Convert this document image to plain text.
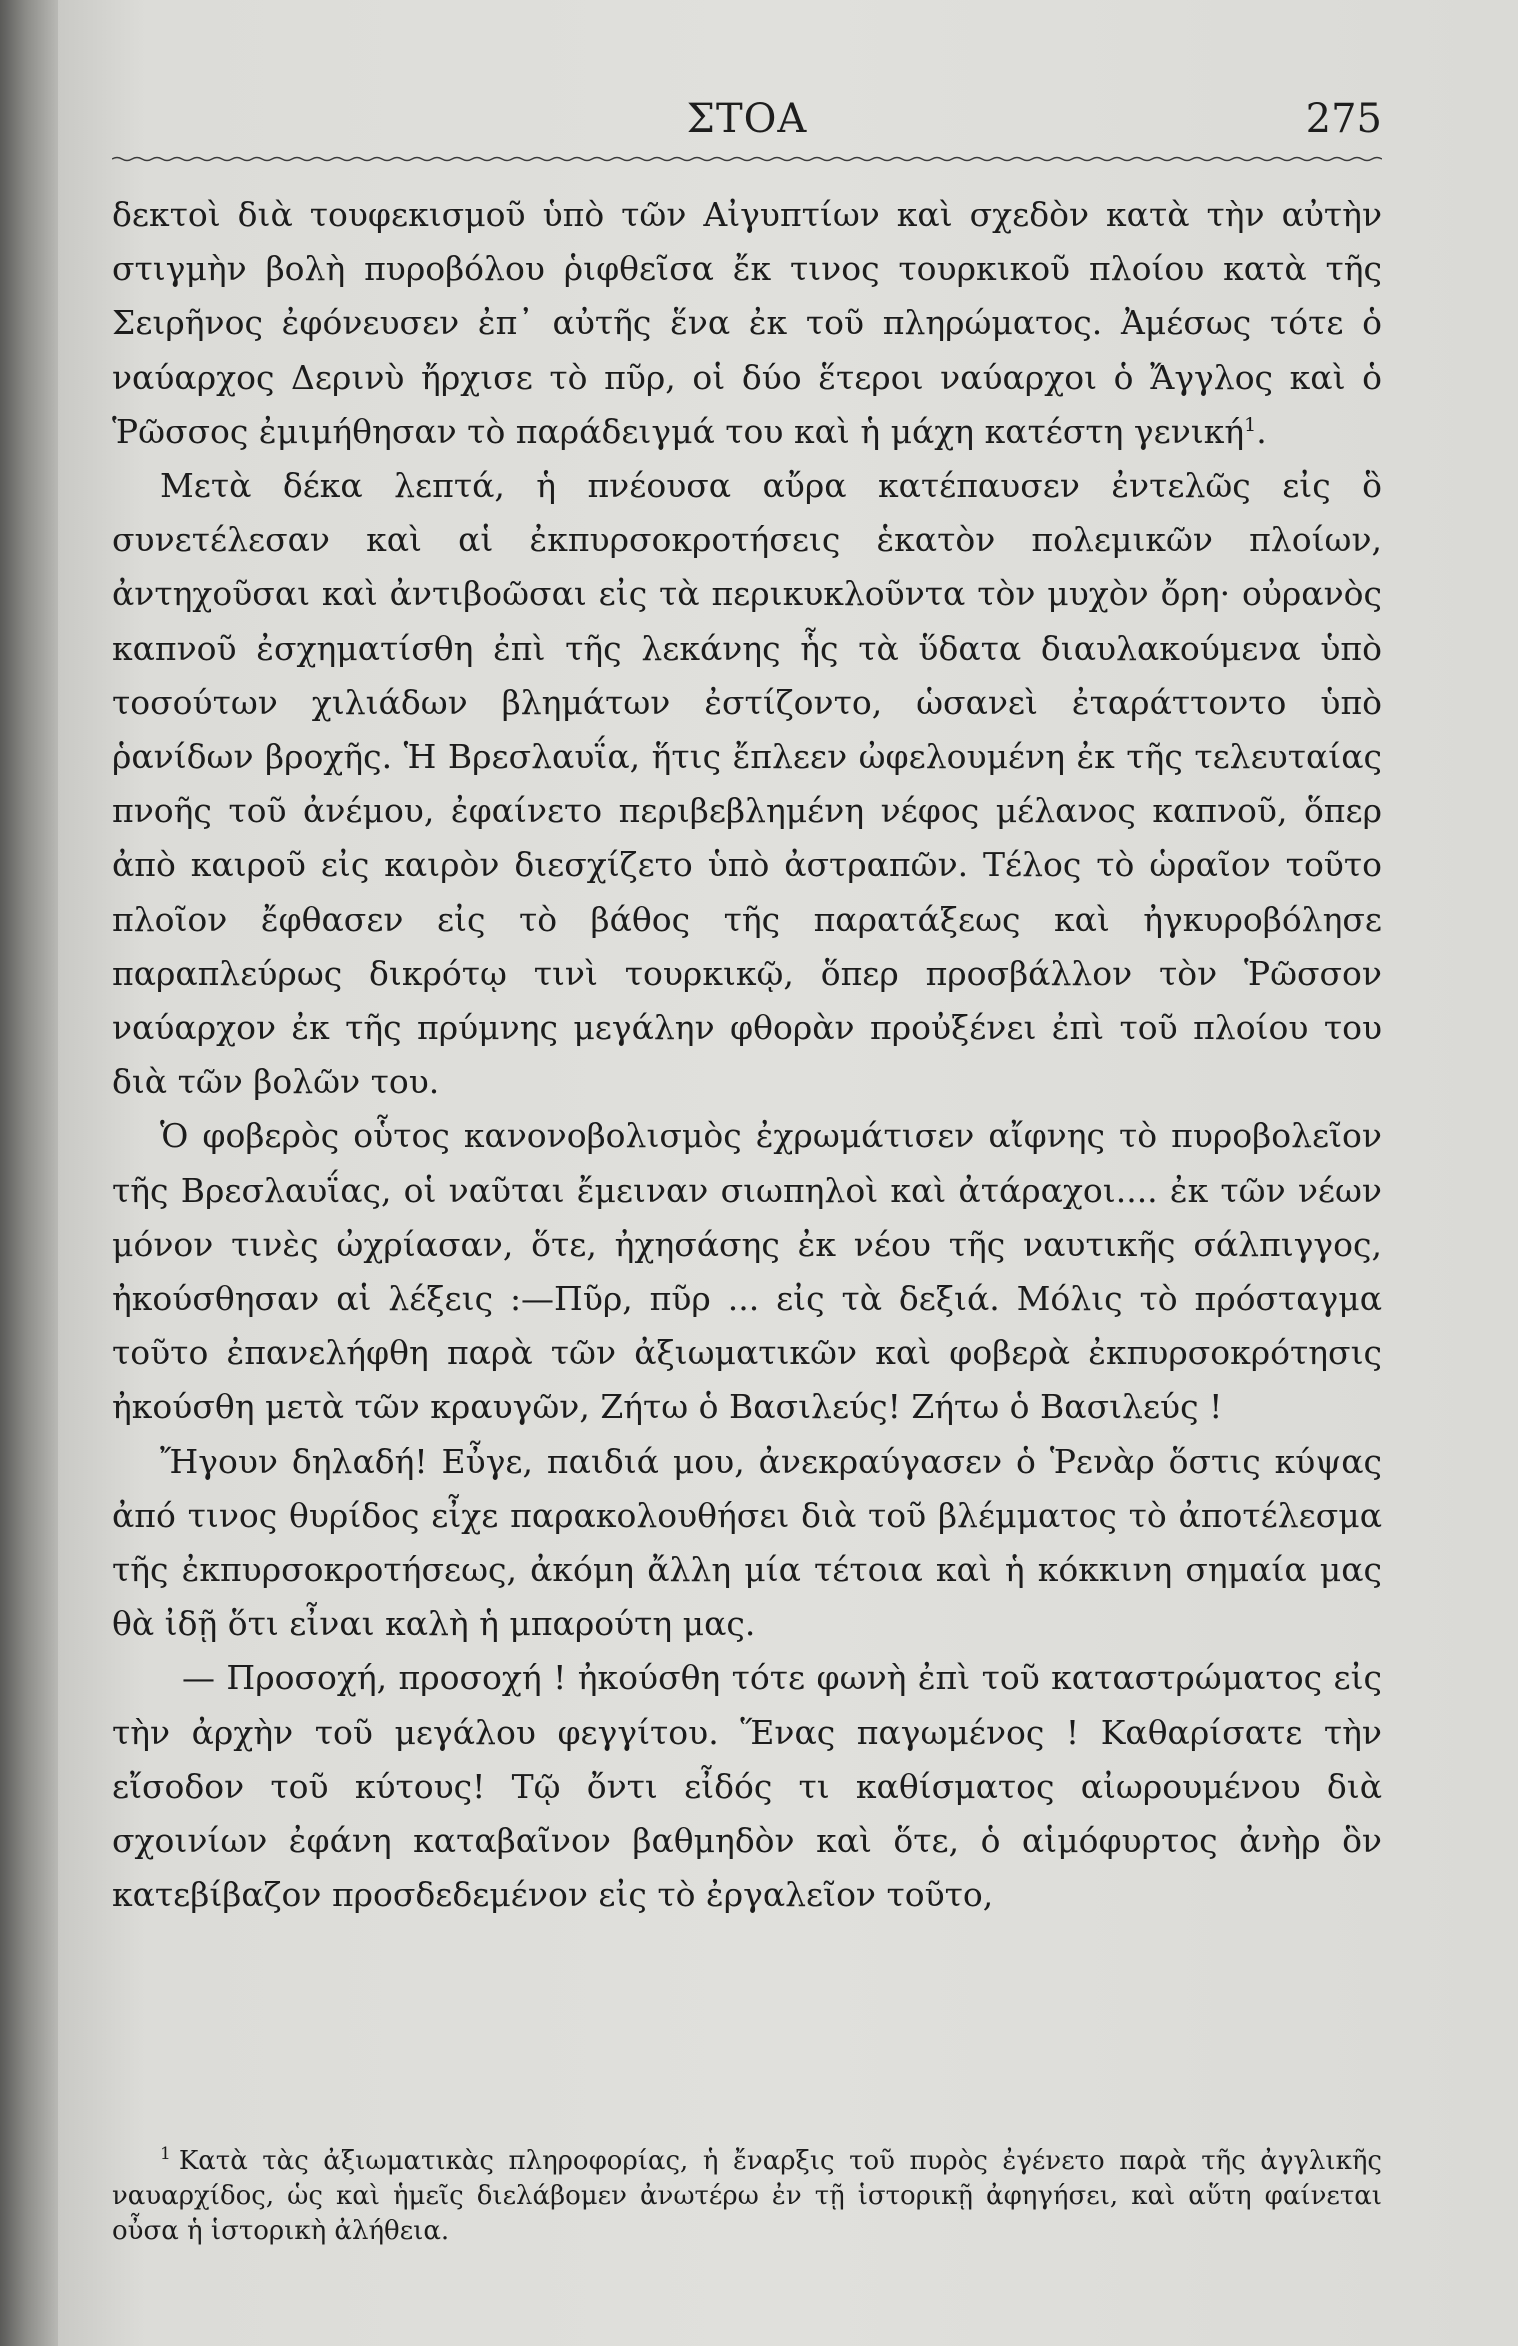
ΣΤΟΑ	275

δεκτοὶ διὰ τουφεκισμοῦ ὑπὸ τῶν Αἰγυπτίων καὶ σχεδὸν κατὰ τὴν αὐτὴν στιγμὴν βολὴ πυροβόλου ῥιφθεῖσα ἔκ τινος τουρκικοῦ πλοίου κατὰ τῆς Σειρῆνος ἐφόνευσεν ἐπ᾽ αὐτῆς ἕνα ἐκ τοῦ πληρώματος. Ἀμέσως τότε ὁ ναύαρχος Δερινὺ ἤρχισε τὸ πῦρ, οἱ δύο ἕτεροι ναύαρχοι ὁ Ἄγγλος καὶ ὁ Ῥῶσσος ἐμιμήθησαν τὸ παράδειγμά του καὶ ἡ μάχη κατέστη γενική$^1$.

Μετὰ δέκα λεπτά, ἡ πνέουσα αὔρα κατέπαυσεν ἐντελῶς εἰς ὃ συνετέλεσαν καὶ αἱ ἐκπυρσοκροτήσεις ἑκατὸν πολεμικῶν πλοίων, ἀντηχοῦσαι καὶ ἀντιβοῶσαι εἰς τὰ περικυκλοῦντα τὸν μυχὸν ὄρη· οὐρανὸς καπνοῦ ἐσχηματίσθη ἐπὶ τῆς λεκάνης ἧς τὰ ὕδατα διαυλακούμενα ὑπὸ τοσούτων χιλιάδων βλημάτων ἐστίζοντο, ὡσανεὶ ἐταράττοντο ὑπὸ ῥανίδων βροχῆς. Ἡ Βρεσλαυΐα, ἥτις ἔπλεεν ὠφελουμένη ἐκ τῆς τελευταίας πνοῆς τοῦ ἀνέμου, ἐφαίνετο περιβεβλημένη νέφος μέλανος καπνοῦ, ὅπερ ἀπὸ καιροῦ εἰς καιρὸν διεσχίζετο ὑπὸ ἀστραπῶν. Τέλος τὸ ὡραῖον τοῦτο πλοῖον ἔφθασεν εἰς τὸ βάθος τῆς παρατάξεως καὶ ἠγκυροβόλησε παραπλεύρως δικρότῳ τινὶ τουρκικῷ, ὅπερ προσβάλλον τὸν Ῥῶσσον ναύαρχον ἐκ τῆς πρύμνης μεγάλην φθορὰν προὐξένει ἐπὶ τοῦ πλοίου του διὰ τῶν βολῶν του.

Ὁ φοβερὸς οὗτος κανονοβολισμὸς ἐχρωμάτισεν αἴφνης τὸ πυροβολεῖον τῆς Βρεσλαυΐας, οἱ ναῦται ἔμειναν σιωπηλοὶ καὶ ἀτάραχοι.... ἐκ τῶν νέων μόνον τινὲς ὠχρίασαν, ὅτε, ἠχησάσης ἐκ νέου τῆς ναυτικῆς σάλπιγγος, ἠκούσθησαν αἱ λέξεις :—Πῦρ, πῦρ ... εἰς τὰ δεξιά. Μόλις τὸ πρόσταγμα τοῦτο ἐπανελήφθη παρὰ τῶν ἀξιωματικῶν καὶ φοβερὰ ἐκπυρσοκρότησις ἠκούσθη μετὰ τῶν κραυγῶν, Ζήτω ὁ Βασιλεύς! Ζήτω ὁ Βασιλεύς !

Ἤγουν δηλαδή! Εὖγε, παιδιά μου, ἀνεκραύγασεν ὁ Ῥενὰρ ὅστις κύψας ἀπό τινος θυρίδος εἶχε παρακολουθήσει διὰ τοῦ βλέμματος τὸ ἀποτέλεσμα τῆς ἐκπυρσοκροτήσεως, ἀκόμη ἄλλη μία τέτοια καὶ ἡ κόκκινη σημαία μας θὰ ἰδῇ ὅτι εἶναι καλὴ ἡ μπαρούτη μας.

— Προσοχή, προσοχή ! ἠκούσθη τότε φωνὴ ἐπὶ τοῦ καταστρώματος εἰς τὴν ἀρχὴν τοῦ μεγάλου φεγγίτου. Ἕνας παγωμένος ! Καθαρίσατε τὴν εἴσοδον τοῦ κύτους! Τῷ ὄντι εἶδός τι καθίσματος αἰωρουμένου διὰ σχοινίων ἐφάνη καταβαῖνον βαθμηδὸν καὶ ὅτε, ὁ αἱμόφυρτος ἀνὴρ ὃν κατεβίβαζον προσδεδεμένον εἰς τὸ ἐργαλεῖον τοῦτο,

$^1$ Κατὰ τὰς ἀξιωματικὰς πληροφορίας, ἡ ἔναρξις τοῦ πυρὸς ἐγένετο παρὰ τῆς ἀγγλικῆς ναυαρχίδος, ὡς καὶ ἡμεῖς διελάβομεν ἀνωτέρω ἐν τῇ ἱστορικῇ ἀφηγήσει, καὶ αὕτη φαίνεται οὖσα ἡ ἱστορικὴ ἀλήθεια.
